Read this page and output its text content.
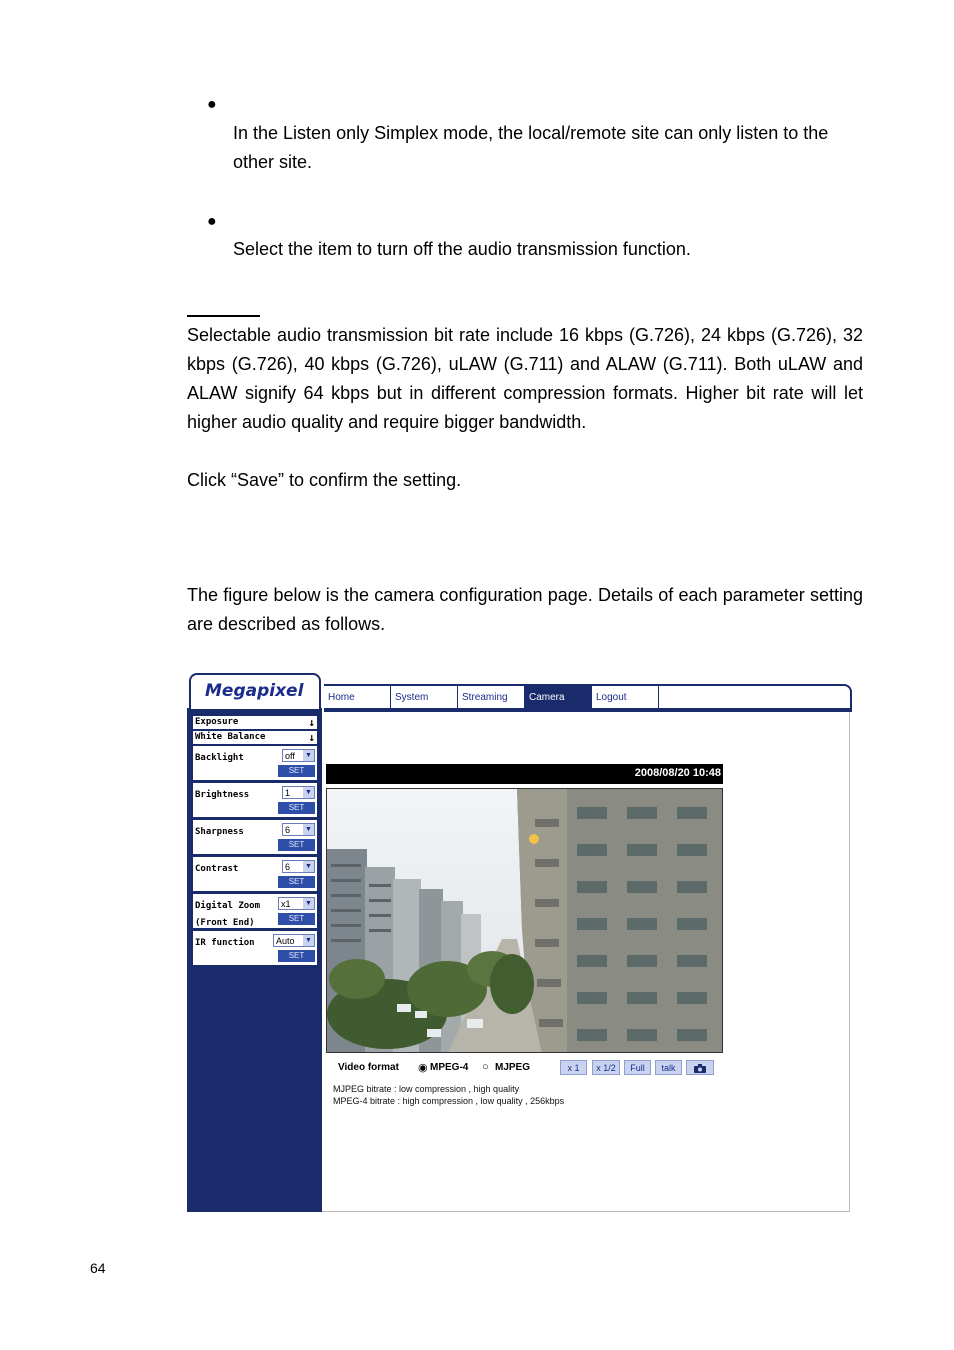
●
In the Listen only Simplex mode, the local/remote site can only listen to the other site.
●
Select the item to turn off the audio transmission function.
Selectable audio transmission bit rate include 16 kbps (G.726), 24 kbps (G.726), 32 kbps (G.726), 40 kbps (G.726), uLAW (G.711) and ALAW (G.711). Both uLAW and ALAW signify 64 kbps but in different compression formats. Higher bit rate will let higher audio quality and require bigger bandwidth.
Click “Save” to confirm the setting.
The figure below is the camera configuration page. Details of each parameter setting are described as follows.
Exposure	↓
White Balance	↓
Backlight	off ▼
SET
Brightness	1 ▼
SET
Sharpness	6 ▼
SET
Contrast	6 ▼
SET
Digital Zoom
(Front End)
x1 ▼
SET
IR function	Auto ▼
SET
Megapixel	Home	System	Streaming	Camera	Logout
2008/08/20 10:48
Video format ◉ MPEG-4 ○ MJPEG	x 1	x 1/2	Full	talk
MJPEG bitrate : low compression , high quality
MPEG-4 bitrate : high compression , low quality , 256kbps
64
